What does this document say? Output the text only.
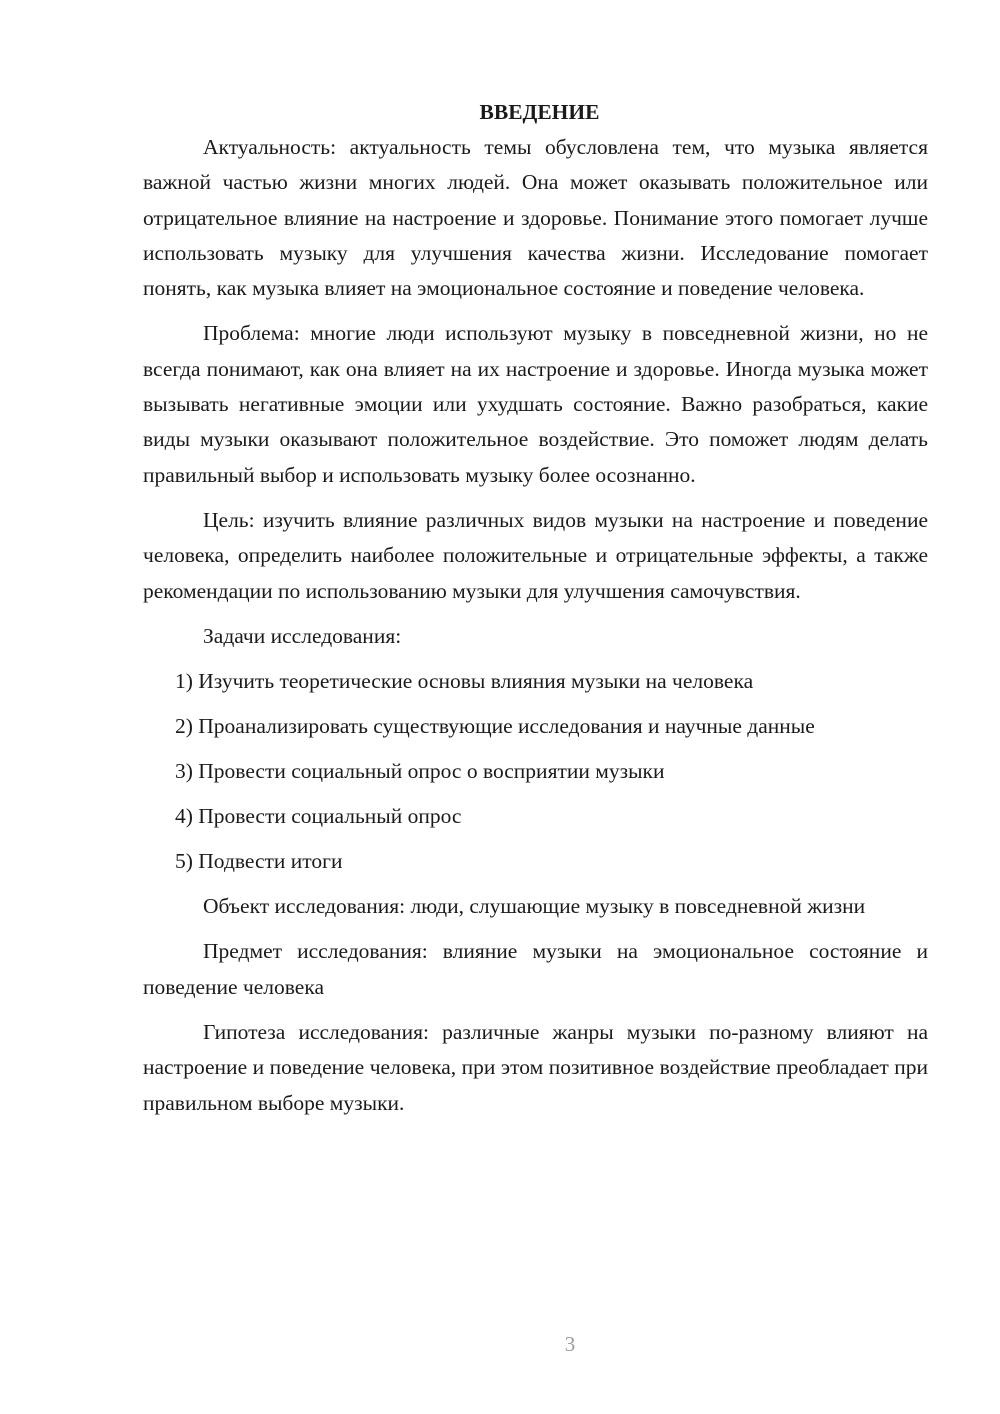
ВВЕДЕНИЕ

Актуальность: актуальность темы обусловлена тем, что музыка является важной частью жизни многих людей. Она может оказывать положительное или отрицательное влияние на настроение и здоровье. Понимание этого помогает лучше использовать музыку для улучшения качества жизни. Исследование помогает понять, как музыка влияет на эмоциональное состояние и поведение человека.

Проблема: многие люди используют музыку в повседневной жизни, но не всегда понимают, как она влияет на их настроение и здоровье. Иногда музыка может вызывать негативные эмоции или ухудшать состояние. Важно разобраться, какие виды музыки оказывают положительное воздействие. Это поможет людям делать правильный выбор и использовать музыку более осознанно.

Цель: изучить влияние различных видов музыки на настроение и поведение человека, определить наиболее положительные и отрицательные эффекты, а также рекомендации по использованию музыки для улучшения самочувствия.

Задачи исследования:

1) Изучить теоретические основы влияния музыки на человека

2) Проанализировать существующие исследования и научные данные

3) Провести социальный опрос о восприятии музыки

4) Провести социальный опрос

5) Подвести итоги

Объект исследования: люди, слушающие музыку в повседневной жизни

Предмет исследования: влияние музыки на эмоциональное состояние и поведение человека

Гипотеза исследования: различные жанры музыки по-разному влияют на настроение и поведение человека, при этом позитивное воздействие преобладает при правильном выборе музыки.

3
